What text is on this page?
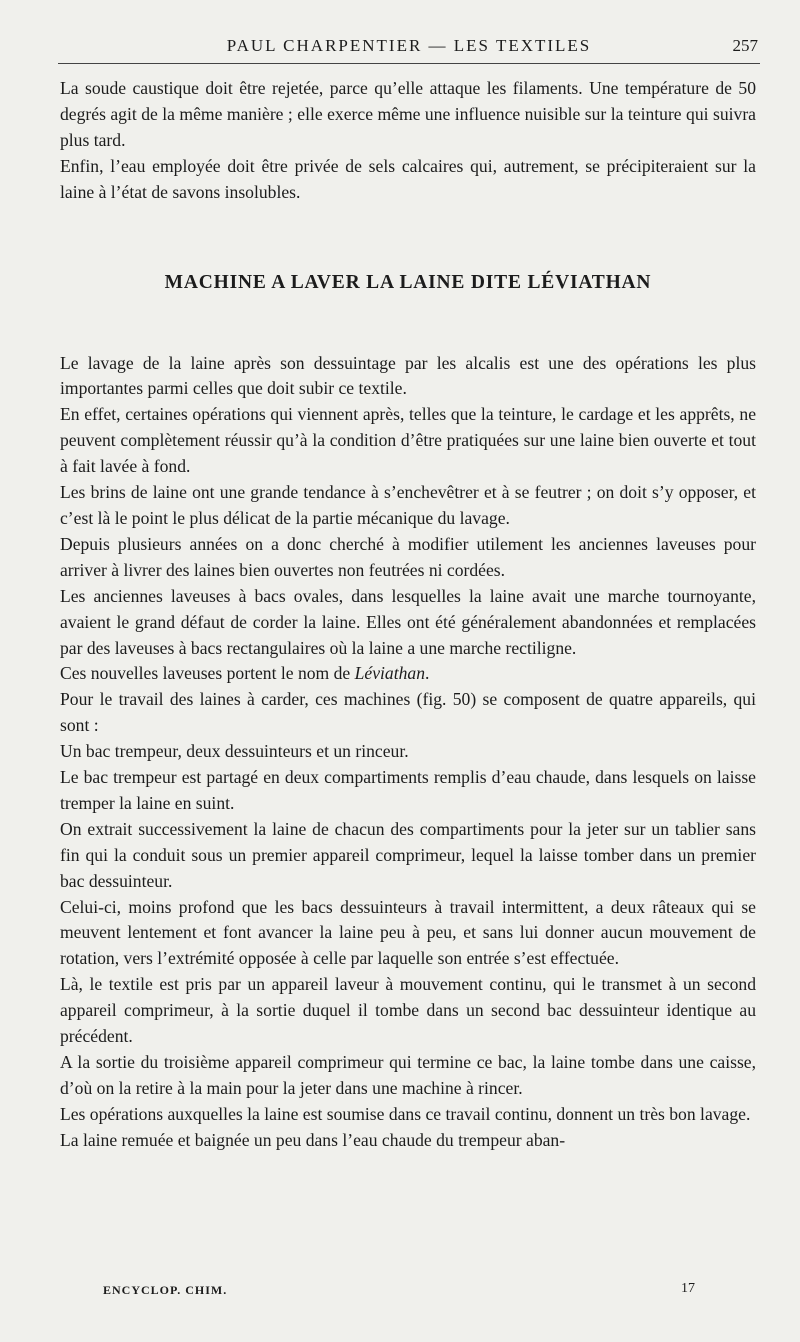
PAUL CHARPENTIER — LES TEXTILES	257

La soude caustique doit être rejetée, parce qu’elle attaque les filaments. Une température de 50 degrés agit de la même manière ; elle exerce même une influence nuisible sur la teinture qui suivra plus tard.

Enfin, l’eau employée doit être privée de sels calcaires qui, autrement, se précipiteraient sur la laine à l’état de savons insolubles.

MACHINE A LAVER LA LAINE DITE LÉVIATHAN

Le lavage de la laine après son dessuintage par les alcalis est une des opérations les plus importantes parmi celles que doit subir ce textile.

En effet, certaines opérations qui viennent après, telles que la teinture, le cardage et les apprêts, ne peuvent complètement réussir qu’à la condition d’être pratiquées sur une laine bien ouverte et tout à fait lavée à fond.

Les brins de laine ont une grande tendance à s’enchevêtrer et à se feutrer ; on doit s’y opposer, et c’est là le point le plus délicat de la partie mécanique du lavage.

Depuis plusieurs années on a donc cherché à modifier utilement les anciennes laveuses pour arriver à livrer des laines bien ouvertes non feutrées ni cordées.

Les anciennes laveuses à bacs ovales, dans lesquelles la laine avait une marche tournoyante, avaient le grand défaut de corder la laine. Elles ont été généralement abandonnées et remplacées par des laveuses à bacs rectangulaires où la laine a une marche rectiligne.

Ces nouvelles laveuses portent le nom de Léviathan.

Pour le travail des laines à carder, ces machines (fig. 50) se composent de quatre appareils, qui sont :

Un bac trempeur, deux dessuinteurs et un rinceur.

Le bac trempeur est partagé en deux compartiments remplis d’eau chaude, dans lesquels on laisse tremper la laine en suint.

On extrait successivement la laine de chacun des compartiments pour la jeter sur un tablier sans fin qui la conduit sous un premier appareil comprimeur, lequel la laisse tomber dans un premier bac dessuinteur.

Celui-ci, moins profond que les bacs dessuinteurs à travail intermittent, a deux râteaux qui se meuvent lentement et font avancer la laine peu à peu, et sans lui donner aucun mouvement de rotation, vers l’extrémité opposée à celle par laquelle son entrée s’est effectuée.

Là, le textile est pris par un appareil laveur à mouvement continu, qui le transmet à un second appareil comprimeur, à la sortie duquel il tombe dans un second bac dessuinteur identique au précédent.

A la sortie du troisième appareil comprimeur qui termine ce bac, la laine tombe dans une caisse, d’où on la retire à la main pour la jeter dans une machine à rincer.

Les opérations auxquelles la laine est soumise dans ce travail continu, donnent un très bon lavage.

La laine remuée et baignée un peu dans l’eau chaude du trempeur aban-

ENCYCLOP. CHIM.	17
